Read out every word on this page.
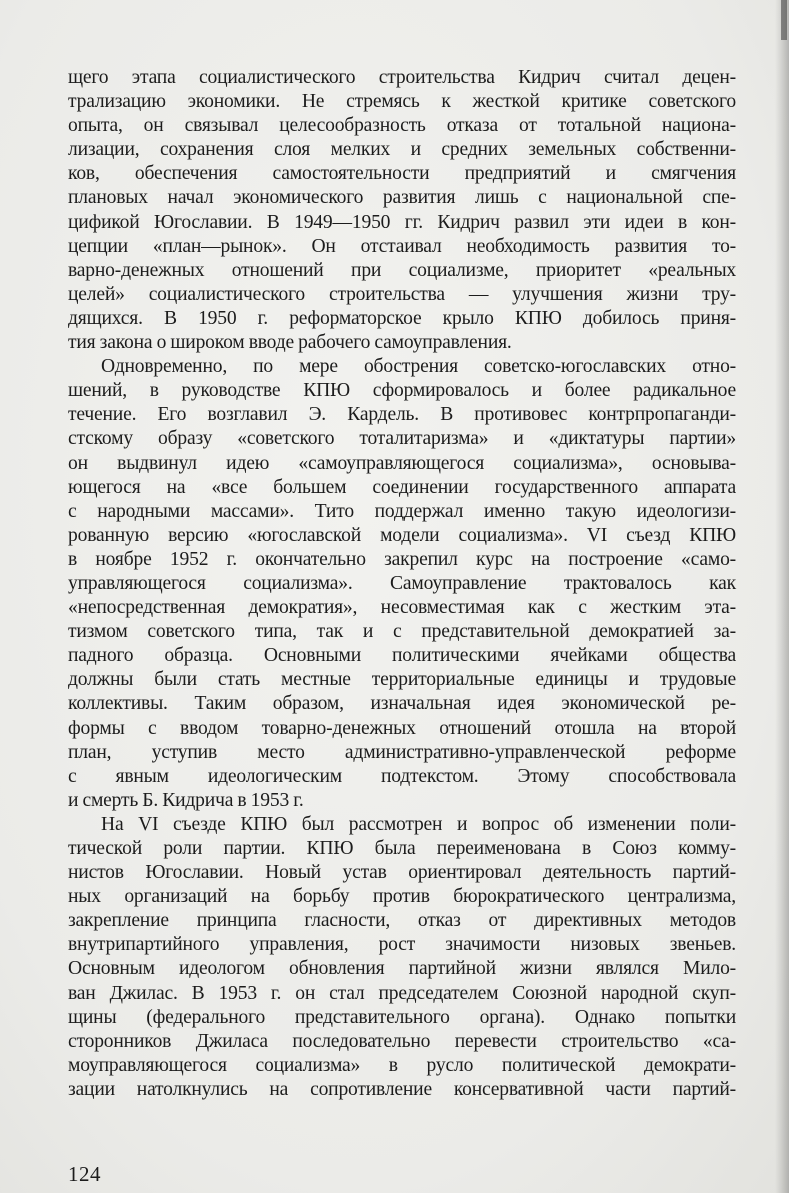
щего этапа социалистического строительства Кидрич считал децен-
трализацию экономики. Не стремясь к жесткой критике советского
опыта, он связывал целесообразность отказа от тотальной национа-
лизации, сохранения слоя мелких и средних земельных собственни-
ков, обеспечения самостоятельности предприятий и смягчения
плановых начал экономического развития лишь с национальной спе-
цификой Югославии. В 1949—1950 гг. Кидрич развил эти идеи в кон-
цепции «план—рынок». Он отстаивал необходимость развития то-
варно-денежных отношений при социализме, приоритет «реальных
целей» социалистического строительства — улучшения жизни тру-
дящихся. В 1950 г. реформаторское крыло КПЮ добилось приня-
тия закона о широком вводе рабочего самоуправления.
Одновременно, по мере обострения советско-югославских отно-
шений, в руководстве КПЮ сформировалось и более радикальное
течение. Его возглавил Э. Кардель. В противовес контрпропаганди-
стскому образу «советского тоталитаризма» и «диктатуры партии»
он выдвинул идею «самоуправляющегося социализма», основыва-
ющегося на «все большем соединении государственного аппарата
с народными массами». Тито поддержал именно такую идеологизи-
рованную версию «югославской модели социализма». VI съезд КПЮ
в ноябре 1952 г. окончательно закрепил курс на построение «само-
управляющегося социализма». Самоуправление трактовалось как
«непосредственная демократия», несовместимая как с жестким эта-
тизмом советского типа, так и с представительной демократией за-
падного образца. Основными политическими ячейками общества
должны были стать местные территориальные единицы и трудовые
коллективы. Таким образом, изначальная идея экономической ре-
формы с вводом товарно-денежных отношений отошла на второй
план, уступив место административно-управленческой реформе
с явным идеологическим подтекстом. Этому способствовала
и смерть Б. Кидрича в 1953 г.
На VI съезде КПЮ был рассмотрен и вопрос об изменении поли-
тической роли партии. КПЮ была переименована в Союз комму-
нистов Югославии. Новый устав ориентировал деятельность партий-
ных организаций на борьбу против бюрократического централизма,
закрепление принципа гласности, отказ от директивных методов
внутрипартийного управления, рост значимости низовых звеньев.
Основным идеологом обновления партийной жизни являлся Мило-
ван Джилас. В 1953 г. он стал председателем Союзной народной скуп-
щины (федерального представительного органа). Однако попытки
сторонников Джиласа последовательно перевести строительство «са-
моуправляющегося социализма» в русло политической демократи-
зации натолкнулись на сопротивление консервативной части партий-
124
